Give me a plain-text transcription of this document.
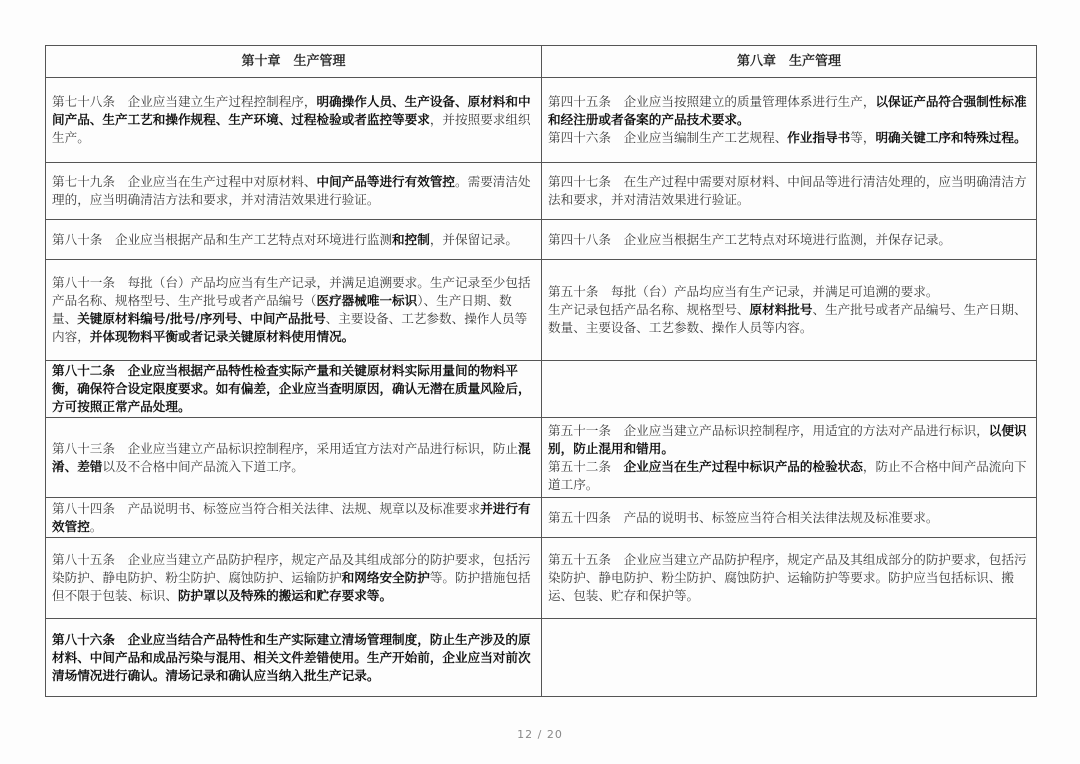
第十章　生产管理	第八章　生产管理
第七十八条　企业应当建立生产过程控制程序，明确操作人员、生产设备、原材料和中间产品、生产工艺和操作规程、生产环境、过程检验或者监控等要求，并按照要求组织生产。	第四十五条　企业应当按照建立的质量管理体系进行生产，以保证产品符合强制性标准和经注册或者备案的产品技术要求。
第四十六条　企业应当编制生产工艺规程、作业指导书等，明确关键工序和特殊过程。
第七十九条　企业应当在生产过程中对原材料、中间产品等进行有效管控。需要清洁处理的，应当明确清洁方法和要求，并对清洁效果进行验证。	第四十七条　在生产过程中需要对原材料、中间品等进行清洁处理的，应当明确清洁方法和要求，并对清洁效果进行验证。
第八十条　企业应当根据产品和生产工艺特点对环境进行监测和控制，并保留记录。	第四十八条　企业应当根据生产工艺特点对环境进行监测，并保存记录。
第八十一条　每批（台）产品均应当有生产记录，并满足追溯要求。生产记录至少包括产品名称、规格型号、生产批号或者产品编号（医疗器械唯一标识）、生产日期、数量、关键原材料编号/批号/序列号、中间产品批号、主要设备、工艺参数、操作人员等内容，并体现物料平衡或者记录关键原材料使用情况。	第五十条　每批（台）产品均应当有生产记录，并满足可追溯的要求。
生产记录包括产品名称、规格型号、原材料批号、生产批号或者产品编号、生产日期、数量、主要设备、工艺参数、操作人员等内容。
第八十二条　企业应当根据产品特性检查实际产量和关键原材料实际用量间的物料平衡，确保符合设定限度要求。如有偏差，企业应当查明原因，确认无潜在质量风险后，方可按照正常产品处理。	
第八十三条　企业应当建立产品标识控制程序，采用适宜方法对产品进行标识，防止混淆、差错以及不合格中间产品流入下道工序。	第五十一条　企业应当建立产品标识控制程序，用适宜的方法对产品进行标识，以便识别，防止混用和错用。
第五十二条　企业应当在生产过程中标识产品的检验状态，防止不合格中间产品流向下道工序。
第八十四条　产品说明书、标签应当符合相关法律、法规、规章以及标准要求并进行有效管控。	第五十四条　产品的说明书、标签应当符合相关法律法规及标准要求。
第八十五条　企业应当建立产品防护程序，规定产品及其组成部分的防护要求，包括污染防护、静电防护、粉尘防护、腐蚀防护、运输防护和网络安全防护等。防护措施包括但不限于包装、标识、防护罩以及特殊的搬运和贮存要求等。	第五十五条　企业应当建立产品防护程序，规定产品及其组成部分的防护要求，包括污染防护、静电防护、粉尘防护、腐蚀防护、运输防护等要求。防护应当包括标识、搬运、包装、贮存和保护等。
第八十六条　企业应当结合产品特性和生产实际建立清场管理制度，防止生产涉及的原材料、中间产品和成品污染与混用、相关文件差错使用。生产开始前，企业应当对前次清场情况进行确认。清场记录和确认应当纳入批生产记录。	
12 / 20
